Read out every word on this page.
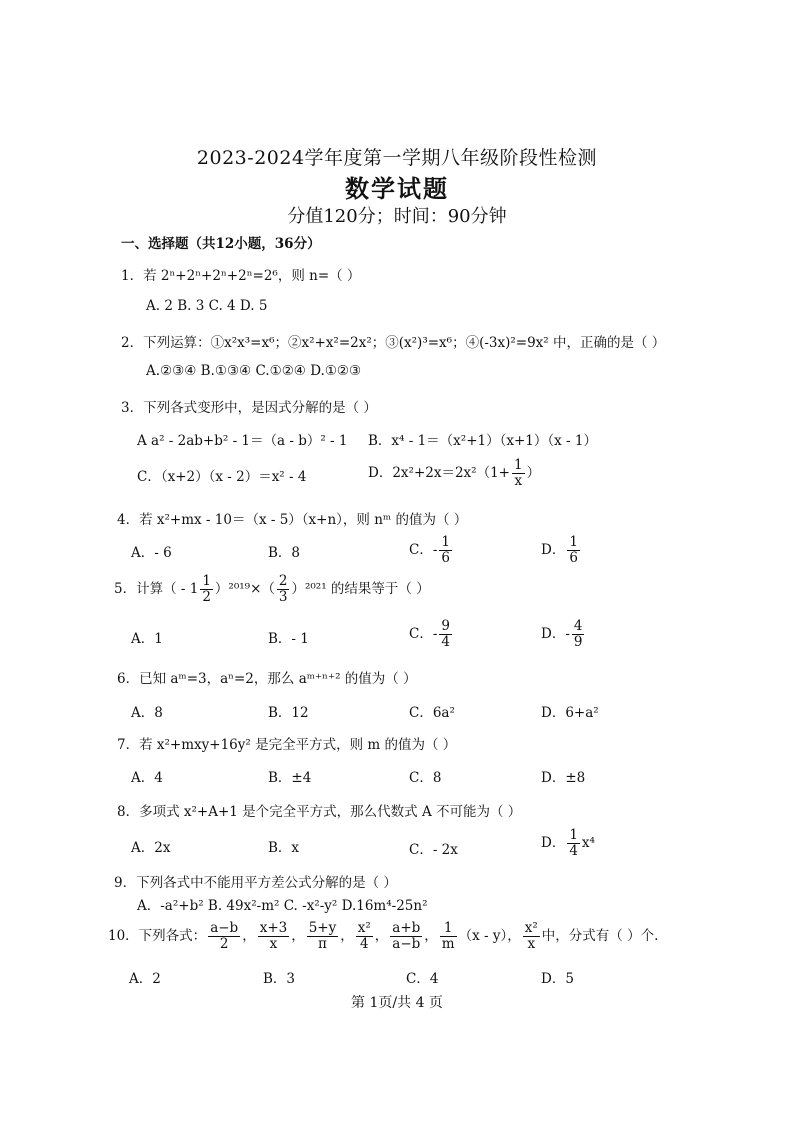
2023-2024学年度第一学期八年级阶段性检测
数学试题
分值120分；时间：90分钟
一、选择题（共12小题，36分）
1．若 2ⁿ+2ⁿ+2ⁿ+2ⁿ=2⁶，则 n=（ ）
A. 2 B. 3 C. 4 D. 5
2．下列运算：①x²x³=x⁶；②x²+x²=2x²；③(x²)³=x⁶；④(-3x)²=9x² 中，正确的是（ ）
A.②③④ B.①③④ C.①②④ D.①②③
3．下列各式变形中，是因式分解的是（ ）
A a² - 2ab+b² - 1＝（a - b）² - 1 B．x⁴ - 1＝（x²+1）（x+1）（x - 1）
C．（x+2）（x - 2）＝x² - 4	D．$2x^2+2x=2x^2(1+ \frac{1}{x}$ ）
4．若 x²+mx - 10＝（x - 5）（x+n），则 nᵐ 的值为（ ）
A．- 6	B．8	C．- $\frac{1}{6}$	D． $\frac{1}{6}$
5．计算（ - $1 \frac{1}{2} )^{2019}\times( \frac{2}{3} )^{2021}$ 的结果等于（ ）
A．1	B．- 1	C．- $\frac{9}{4}$	D．- $\frac{4}{9}$
6．已知 aᵐ=3，aⁿ=2，那么 aᵐ⁺ⁿ⁺² 的值为（ ）
A．8	B．12	C．6a²	D．6+a²
7．若 x²+mxy+16y² 是完全平方式，则 m 的值为（ ）
A．4	B．±4	C．8	D．±8
8．多项式 x²+A+1 是个完全平方式，那么代数式 A 不可能为（ ）
A．2x	B．x	C．- 2x	D． $\frac{1}{4} x^4$
9．下列各式中不能用平方差公式分解的是（ ）
A．-a²+b² B. 49x²-m² C. -x²-y² D.16m⁴-25n²
10．下列各式： $\frac{a-b}{2}$ ， $\frac{x+3}{x}$ ， $\frac{5+y}{\pi}$ ， $\frac{\text{x²}}{4}$ ， $\frac{a+b}{a-b}$ ， $\frac{1}{m} (x - y)$， $\frac{\text{x²}}{x}$ 中，分式有（ ）个.
A．2	B．3	C．4	D．5
第 1页/共 4 页
